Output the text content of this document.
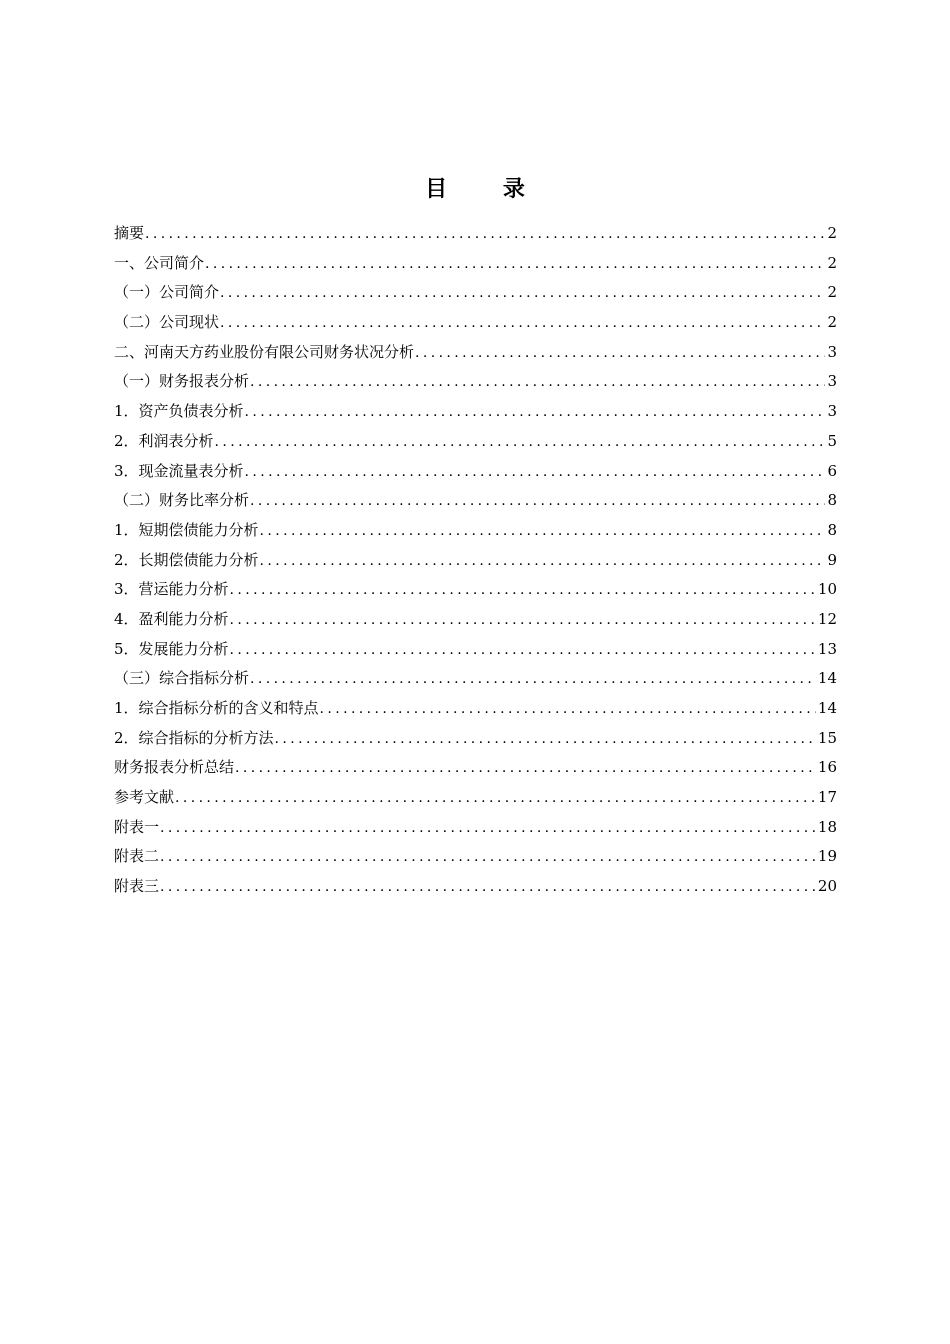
目 录
摘要 .....	2
一、公司简介 .....	2
（一）公司简介 .....	2
（二）公司现状 .....	2
二、河南天方药业股份有限公司财务状况分析 .....	3
（一）财务报表分析 .....	3
1．资产负债表分析 .....	3
2．利润表分析 .....	5
3．现金流量表分析 .....	6
（二）财务比率分析 .....	8
1．短期偿债能力分析 .....	8
2．长期偿债能力分析 .....	9
3．营运能力分析 .....	10
4．盈利能力分析 .....	12
5．发展能力分析 .....	13
（三）综合指标分析 .....	14
1．综合指标分析的含义和特点 .....	14
2．综合指标的分析方法 .....	15
财务报表分析总结 .....	16
参考文献 .....	17
附表一 .....	18
附表二 .....	19
附表三 .....	20
